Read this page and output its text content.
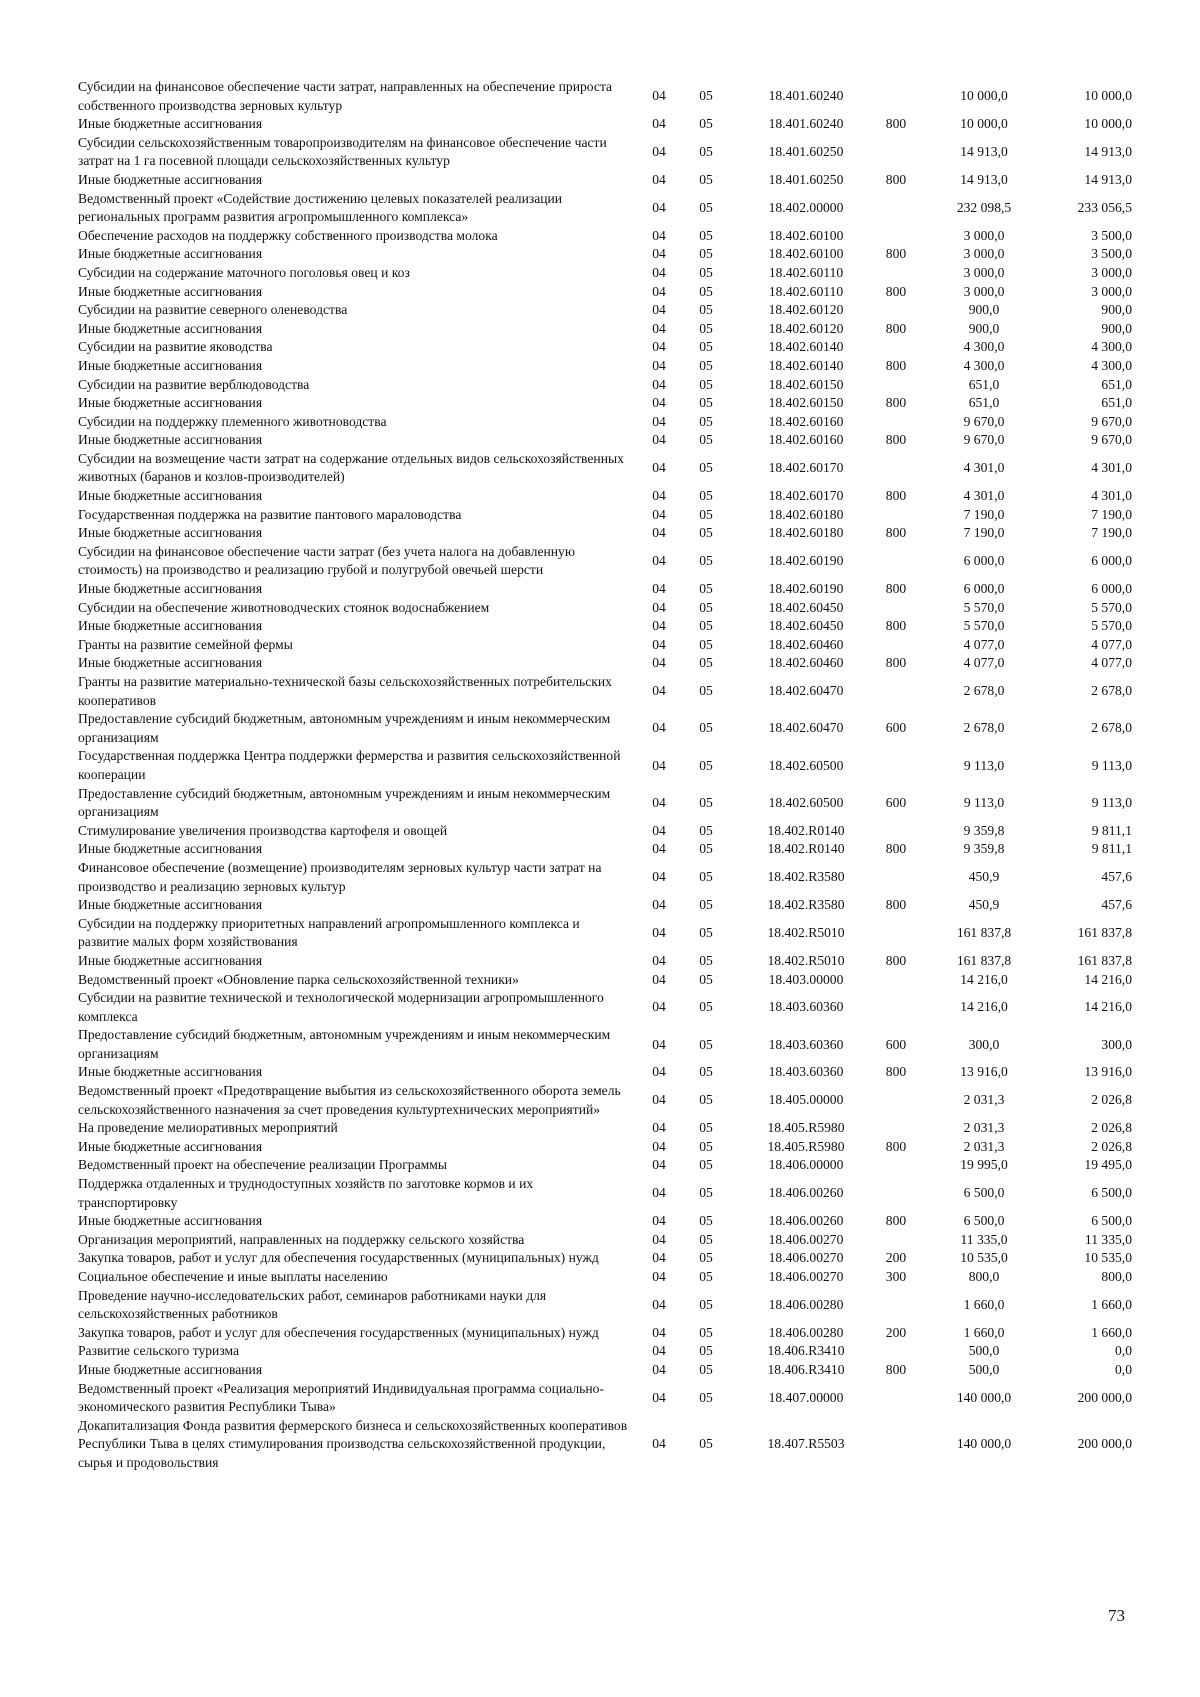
Субсидии на финансовое обеспечение части затрат, направленных на обеспечение прироста собственного производства зерновых культур	04	05	18.401.60240		10 000,0	10 000,0
Иные бюджетные ассигнования	04	05	18.401.60240	800	10 000,0	10 000,0
Субсидии сельскохозяйственным товаропроизводителям на финансовое обеспечение части затрат на 1 га посевной площади сельскохозяйственных культур	04	05	18.401.60250		14 913,0	14 913,0
Иные бюджетные ассигнования	04	05	18.401.60250	800	14 913,0	14 913,0
Ведомственный проект «Содействие достижению целевых показателей реализации региональных программ развития агропромышленного комплекса»	04	05	18.402.00000		232 098,5	233 056,5
Обеспечение расходов на поддержку собственного производства молока	04	05	18.402.60100		3 000,0	3 500,0
Иные бюджетные ассигнования	04	05	18.402.60100	800	3 000,0	3 500,0
Субсидии на содержание маточного поголовья овец и коз	04	05	18.402.60110		3 000,0	3 000,0
Иные бюджетные ассигнования	04	05	18.402.60110	800	3 000,0	3 000,0
Субсидии на развитие северного оленеводства	04	05	18.402.60120		900,0	900,0
Иные бюджетные ассигнования	04	05	18.402.60120	800	900,0	900,0
Субсидии на развитие яководства	04	05	18.402.60140		4 300,0	4 300,0
Иные бюджетные ассигнования	04	05	18.402.60140	800	4 300,0	4 300,0
Субсидии на развитие верблюдоводства	04	05	18.402.60150		651,0	651,0
Иные бюджетные ассигнования	04	05	18.402.60150	800	651,0	651,0
Субсидии на поддержку племенного животноводства	04	05	18.402.60160		9 670,0	9 670,0
Иные бюджетные ассигнования	04	05	18.402.60160	800	9 670,0	9 670,0
Субсидии на возмещение части затрат на содержание отдельных видов сельскохозяйственных животных (баранов и козлов-производителей)	04	05	18.402.60170		4 301,0	4 301,0
Иные бюджетные ассигнования	04	05	18.402.60170	800	4 301,0	4 301,0
Государственная поддержка на развитие пантового мараловодства	04	05	18.402.60180		7 190,0	7 190,0
Иные бюджетные ассигнования	04	05	18.402.60180	800	7 190,0	7 190,0
Субсидии на финансовое обеспечение части затрат (без учета налога на добавленную стоимость) на производство и реализацию грубой и полугрубой овечьей шерсти	04	05	18.402.60190		6 000,0	6 000,0
Иные бюджетные ассигнования	04	05	18.402.60190	800	6 000,0	6 000,0
Субсидии на обеспечение животноводческих стоянок водоснабжением	04	05	18.402.60450		5 570,0	5 570,0
Иные бюджетные ассигнования	04	05	18.402.60450	800	5 570,0	5 570,0
Гранты на развитие семейной фермы	04	05	18.402.60460		4 077,0	4 077,0
Иные бюджетные ассигнования	04	05	18.402.60460	800	4 077,0	4 077,0
Гранты на развитие материально-технической базы сельскохозяйственных потребительских кооперативов	04	05	18.402.60470		2 678,0	2 678,0
Предоставление субсидий бюджетным, автономным учреждениям и иным некоммерческим организациям	04	05	18.402.60470	600	2 678,0	2 678,0
Государственная поддержка Центра поддержки фермерства и развития сельскохозяйственной кооперации	04	05	18.402.60500		9 113,0	9 113,0
Предоставление субсидий бюджетным, автономным учреждениям и иным некоммерческим организациям	04	05	18.402.60500	600	9 113,0	9 113,0
Стимулирование увеличения производства картофеля и овощей	04	05	18.402.R0140		9 359,8	9 811,1
Иные бюджетные ассигнования	04	05	18.402.R0140	800	9 359,8	9 811,1
Финансовое обеспечение (возмещение) производителям зерновых культур части затрат на производство и реализацию зерновых культур	04	05	18.402.R3580		450,9	457,6
Иные бюджетные ассигнования	04	05	18.402.R3580	800	450,9	457,6
Субсидии на поддержку приоритетных направлений агропромышленного комплекса и развитие малых форм хозяйствования	04	05	18.402.R5010		161 837,8	161 837,8
Иные бюджетные ассигнования	04	05	18.402.R5010	800	161 837,8	161 837,8
Ведомственный проект «Обновление парка сельскохозяйственной техники»	04	05	18.403.00000		14 216,0	14 216,0
Субсидии на развитие технической и технологической модернизации агропромышленного комплекса	04	05	18.403.60360		14 216,0	14 216,0
Предоставление субсидий бюджетным, автономным учреждениям и иным некоммерческим организациям	04	05	18.403.60360	600	300,0	300,0
Иные бюджетные ассигнования	04	05	18.403.60360	800	13 916,0	13 916,0
Ведомственный проект «Предотвращение выбытия из сельскохозяйственного оборота земель сельскохозяйственного назначения за счет проведения культуртехнических мероприятий»	04	05	18.405.00000		2 031,3	2 026,8
На проведение мелиоративных мероприятий	04	05	18.405.R5980		2 031,3	2 026,8
Иные бюджетные ассигнования	04	05	18.405.R5980	800	2 031,3	2 026,8
Ведомственный проект на обеспечение реализации Программы	04	05	18.406.00000		19 995,0	19 495,0
Поддержка отдаленных и труднодоступных хозяйств по заготовке кормов и их транспортировку	04	05	18.406.00260		6 500,0	6 500,0
Иные бюджетные ассигнования	04	05	18.406.00260	800	6 500,0	6 500,0
Организация мероприятий, направленных на поддержку сельского хозяйства	04	05	18.406.00270		11 335,0	11 335,0
Закупка товаров, работ и услуг для обеспечения государственных (муниципальных) нужд	04	05	18.406.00270	200	10 535,0	10 535,0
Социальное обеспечение и иные выплаты населению	04	05	18.406.00270	300	800,0	800,0
Проведение научно-исследовательских работ, семинаров работниками науки для сельскохозяйственных работников	04	05	18.406.00280		1 660,0	1 660,0
Закупка товаров, работ и услуг для обеспечения государственных (муниципальных) нужд	04	05	18.406.00280	200	1 660,0	1 660,0
Развитие сельского туризма	04	05	18.406.R3410		500,0	0,0
Иные бюджетные ассигнования	04	05	18.406.R3410	800	500,0	0,0
Ведомственный проект «Реализация мероприятий Индивидуальная программа социально-экономического развития Республики Тыва»	04	05	18.407.00000		140 000,0	200 000,0
Докапитализация Фонда развития фермерского бизнеса и сельскохозяйственных кооперативов Республики Тыва в целях стимулирования производства сельскохозяйственной продукции, сырья и продовольствия	04	05	18.407.R5503		140 000,0	200 000,0
73
